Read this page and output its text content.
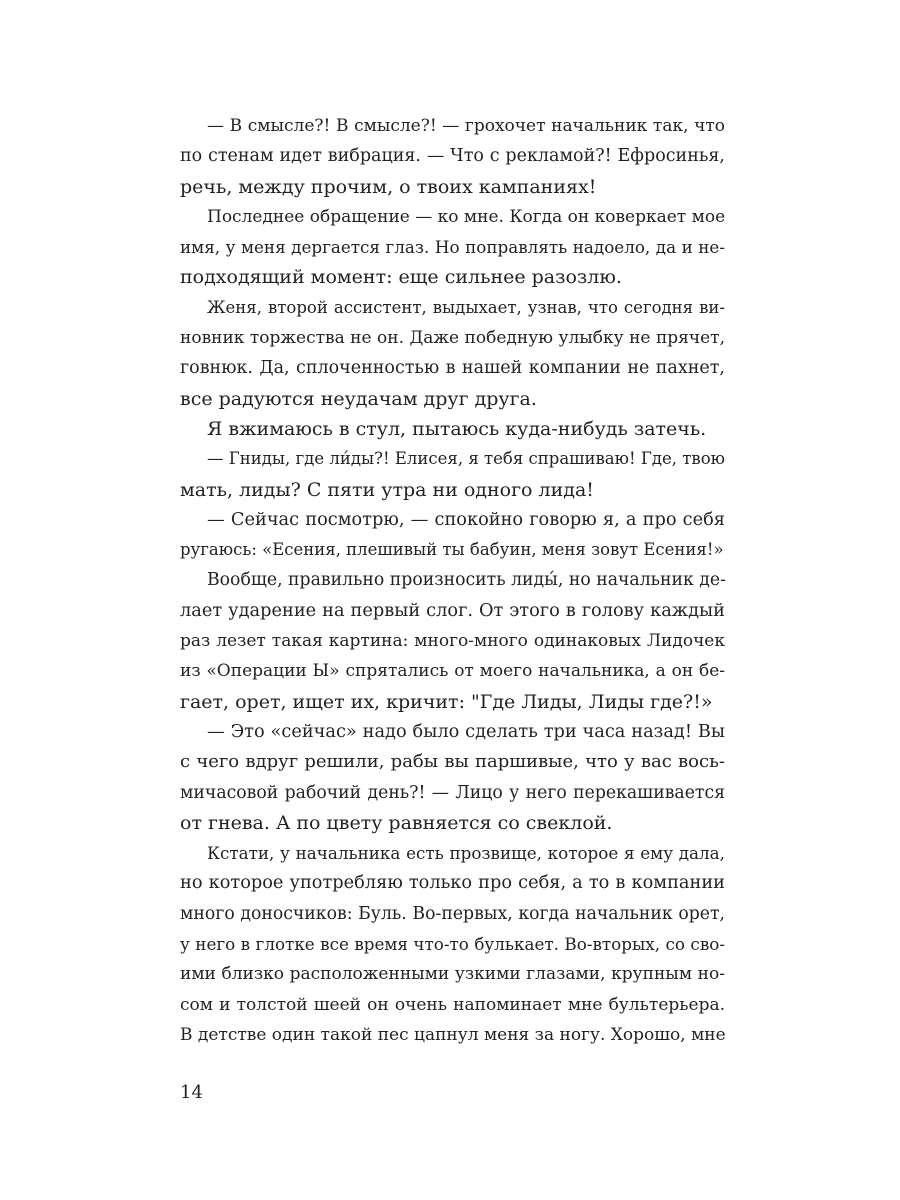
— В смысле?! В смысле?! — грохочет начальник так, что
по стенам идет вибрация. — Что с рекламой?! Ефросинья,
речь, между прочим, о твоих кампаниях!
Последнее обращение — ко мне. Когда он коверкает мое
имя, у меня дергается глаз. Но поправлять надоело, да и не-
подходящий момент: еще сильнее разозлю.
Женя, второй ассистент, выдыхает, узнав, что сегодня ви-
новник торжества не он. Даже победную улыбку не прячет,
говнюк. Да, сплоченностью в нашей компании не пахнет,
все радуются неудачам друг друга.
Я вжимаюсь в стул, пытаюсь куда-нибудь затечь.
— Гниды, где ли́ды?! Елисея, я тебя спрашиваю! Где, твою
мать, лиды? С пяти утра ни одного лида!
— Сейчас посмотрю, — спокойно говорю я, а про себя
ругаюсь: «Есения, плешивый ты бабуин, меня зовут Есения!»
Вообще, правильно произносить лиды́, но начальник де-
лает ударение на первый слог. От этого в голову каждый
раз лезет такая картина: много-много одинаковых Лидочек
из «Операции Ы» спрятались от моего начальника, а он бе-
гает, орет, ищет их, кричит: "Где Лиды, Лиды где?!»
— Это «сейчас» надо было сделать три часа назад! Вы
с чего вдруг решили, рабы вы паршивые, что у вас вось-
мичасовой рабочий день?! — Лицо у него перекашивается
от гнева. А по цвету равняется со свеклой.
Кстати, у начальника есть прозвище, которое я ему дала,
но которое употребляю только про себя, а то в компании
много доносчиков: Буль. Во-первых, когда начальник орет,
у него в глотке все время что-то булькает. Во-вторых, со сво-
ими близко расположенными узкими глазами, крупным но-
сом и толстой шеей он очень напоминает мне бультерьера.
В детстве один такой пес цапнул меня за ногу. Хорошо, мне
14
